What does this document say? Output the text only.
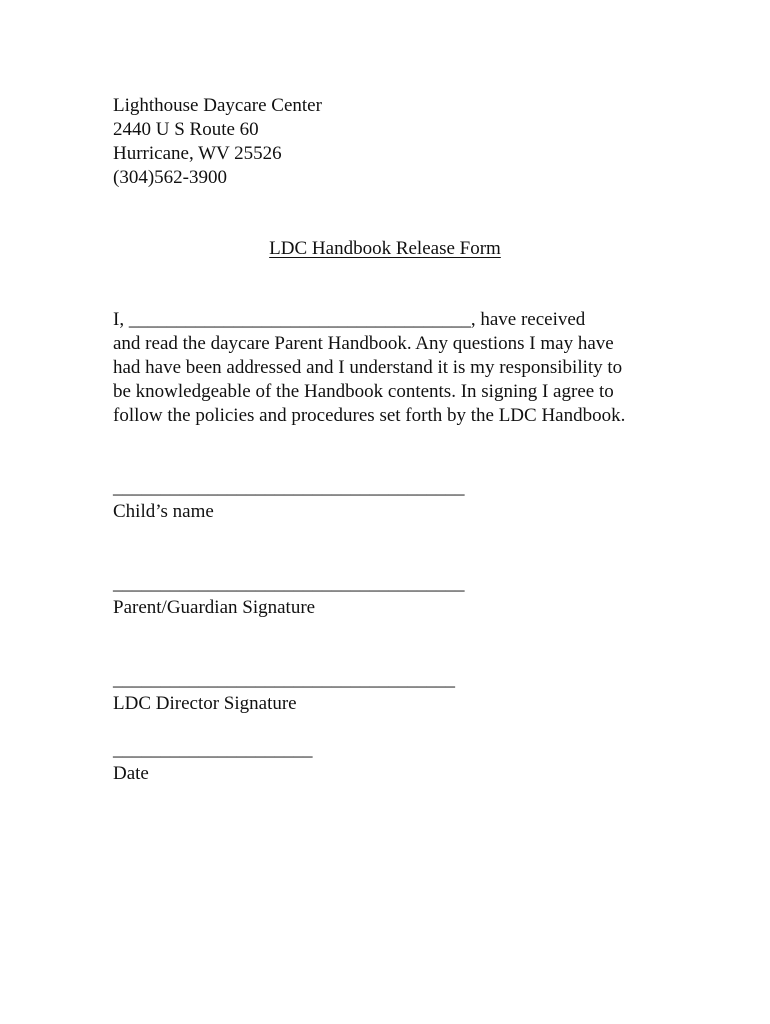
Lighthouse Daycare Center
2440 U S Route 60
Hurricane, WV 25526
(304)562-3900
LDC Handbook Release Form
I, ____________________________________, have received
and read the daycare Parent Handbook. Any questions I may have
had have been addressed and I understand it is my responsibility to
be knowledgeable of the Handbook contents. In signing I agree to
follow the policies and procedures set forth by the LDC Handbook.
_____________________________________
Child’s name
_____________________________________
Parent/Guardian Signature
____________________________________
LDC Director Signature
_____________________
Date
